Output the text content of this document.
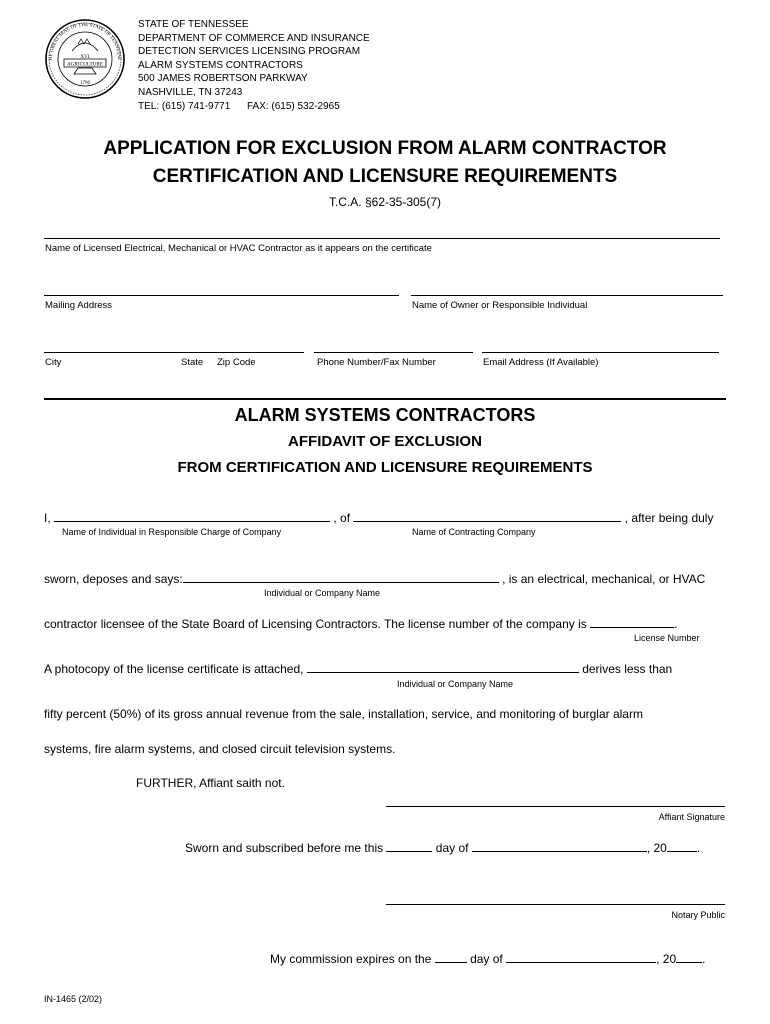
AGRICULTURE
XVI
1796
HE GREAT SEAL OF THE STATE OF TENNESSE
STATE OF TENNESSEE
DEPARTMENT OF COMMERCE AND INSURANCE
DETECTION SERVICES LICENSING PROGRAM
ALARM SYSTEMS CONTRACTORS
500 JAMES ROBERTSON PARKWAY
NASHVILLE, TN 37243
TEL: (615) 741-9771      FAX: (615) 532-2965
APPLICATION FOR EXCLUSION FROM ALARM CONTRACTOR
CERTIFICATION AND LICENSURE REQUIREMENTS
T.C.A. §62-35-305(7)
Name of Licensed Electrical, Mechanical or HVAC Contractor as it appears on the certificate
Mailing Address	Name of Owner or Responsible Individual
City	State Zip Code	Phone Number/Fax Number	Email Address (If Available)
ALARM SYSTEMS CONTRACTORS
AFFIDAVIT OF EXCLUSION
FROM CERTIFICATION AND LICENSURE REQUIREMENTS
I,	, of	, after being duly
Name of Individual in Responsible Charge of Company	Name of Contracting Company
sworn, deposes and says:	, is an electrical, mechanical, or HVAC
Individual or Company Name
contractor licensee of the State Board of Licensing Contractors. The license number of the company is	.
License Number
A photocopy of the license certificate is attached,	derives less than
Individual or Company Name
fifty percent (50%) of its gross annual revenue from the sale, installation, service, and monitoring of burglar alarm
systems, fire alarm systems, and closed circuit television systems.
FURTHER, Affiant saith not.
Affiant Signature
Sworn and subscribed before me this	day of	, 20	.
Notary Public
My commission expires on the	day of	, 20 .
IN-1465 (2/02)
